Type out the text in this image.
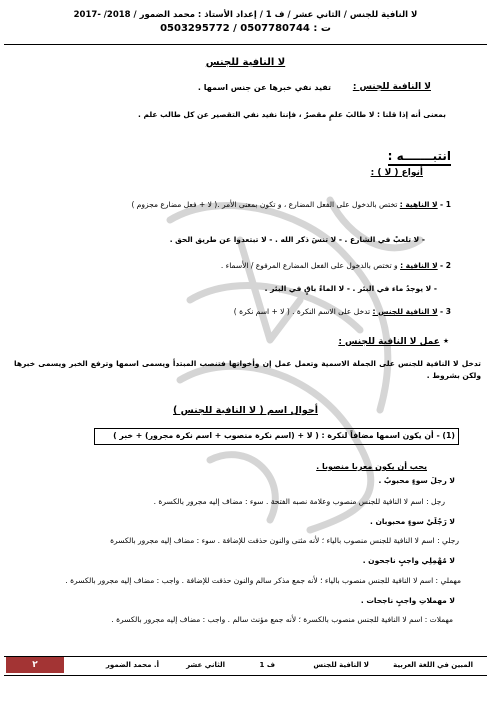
لا النافية للجنس / الثاني عشر / ف 1 / إعداد الأستاذ : محمد الضمور / 2018/ -2017
ت : 0507780744 / 0503295772
لا النافية للجنس
لا النافية للجنس :
تفيد نفي خبرها عن جنس اسمها .
بمعنى أنه إذا قلنا : لا طالبَ علمٍ مقصرٌ ، فإننا نفيد نفي التقصير عن كل طالب علم .
انتبـــــــه :
أنواع ( لا ) :
1 - لا الناهية : تختص بالدخول على الفعل المضارع ، و تكون بمعنى الأمر .( لا + فعل مضارع مجزوم )
- لا تلعبْ في الشارع . - لا تنسَ ذكر الله . - لا تبتعدوا عن طريق الحق .
2 - لا النافية : و تختص بالدخول على الفعل المضارع المرفوع / الأسماء .
- لا يوجدُ ماء في البئر . - لا الماءُ باقٍ في البئر .
3 - لا النافية للجنس : تدخل على الاسم النكرة . ( لا + اسم نكرة )
٭ عمل لا النافية للجنس :
تدخل لا النافية للجنس على الجملة الاسمية وتعمل عمل إن وأخواتها فتنصب المبتدأ ويسمى اسمها وترفع الخبر ويسمى خبرها ولكن بشروط .
أحوال اسم ( لا النافية للجنس )
(1) - أن يكون اسمها مضافاً لنكرة : ( لا + (اسم نكرة منصوب + اسم نكرة مجرور) + خبر )
يجب أن يكون معربا منصوبا .
لا رجلَ سوءٍ محبوبٌ .
رجل : اسم لا النافية للجنس منصوب وعلامة نصبه الفتحة . سوء : مضاف إليه مجرور بالكسرة .
لا رَجُلَيْ سوءٍ محبوبان .
رجلي : اسم لا النافية للجنس منصوب بالياء ؛ لأنه مثنى والنون حذفت للإضافة . سوء : مضاف إليه مجرور بالكسرة
لا مُهْمِلِي واجبٍ ناجحون .
مهملي : اسم لا النافية للجنس منصوب بالياء ؛ لأنه جمع مذكر سالم والنون حذفت للإضافة . واجب : مضاف إليه مجرور بالكسرة .
لا مهملاتِ واجبٍ ناجحات .
مهملات : اسم لا النافية للجنس منصوب بالكسرة ؛ لأنه جمع مؤنث سالم . واجب : مضاف إليه مجرور بالكسرة .
المبين في اللغة العربية
لا النافية للجنس
ف 1
الثاني عشر
أ. محمد الضمور
٢
